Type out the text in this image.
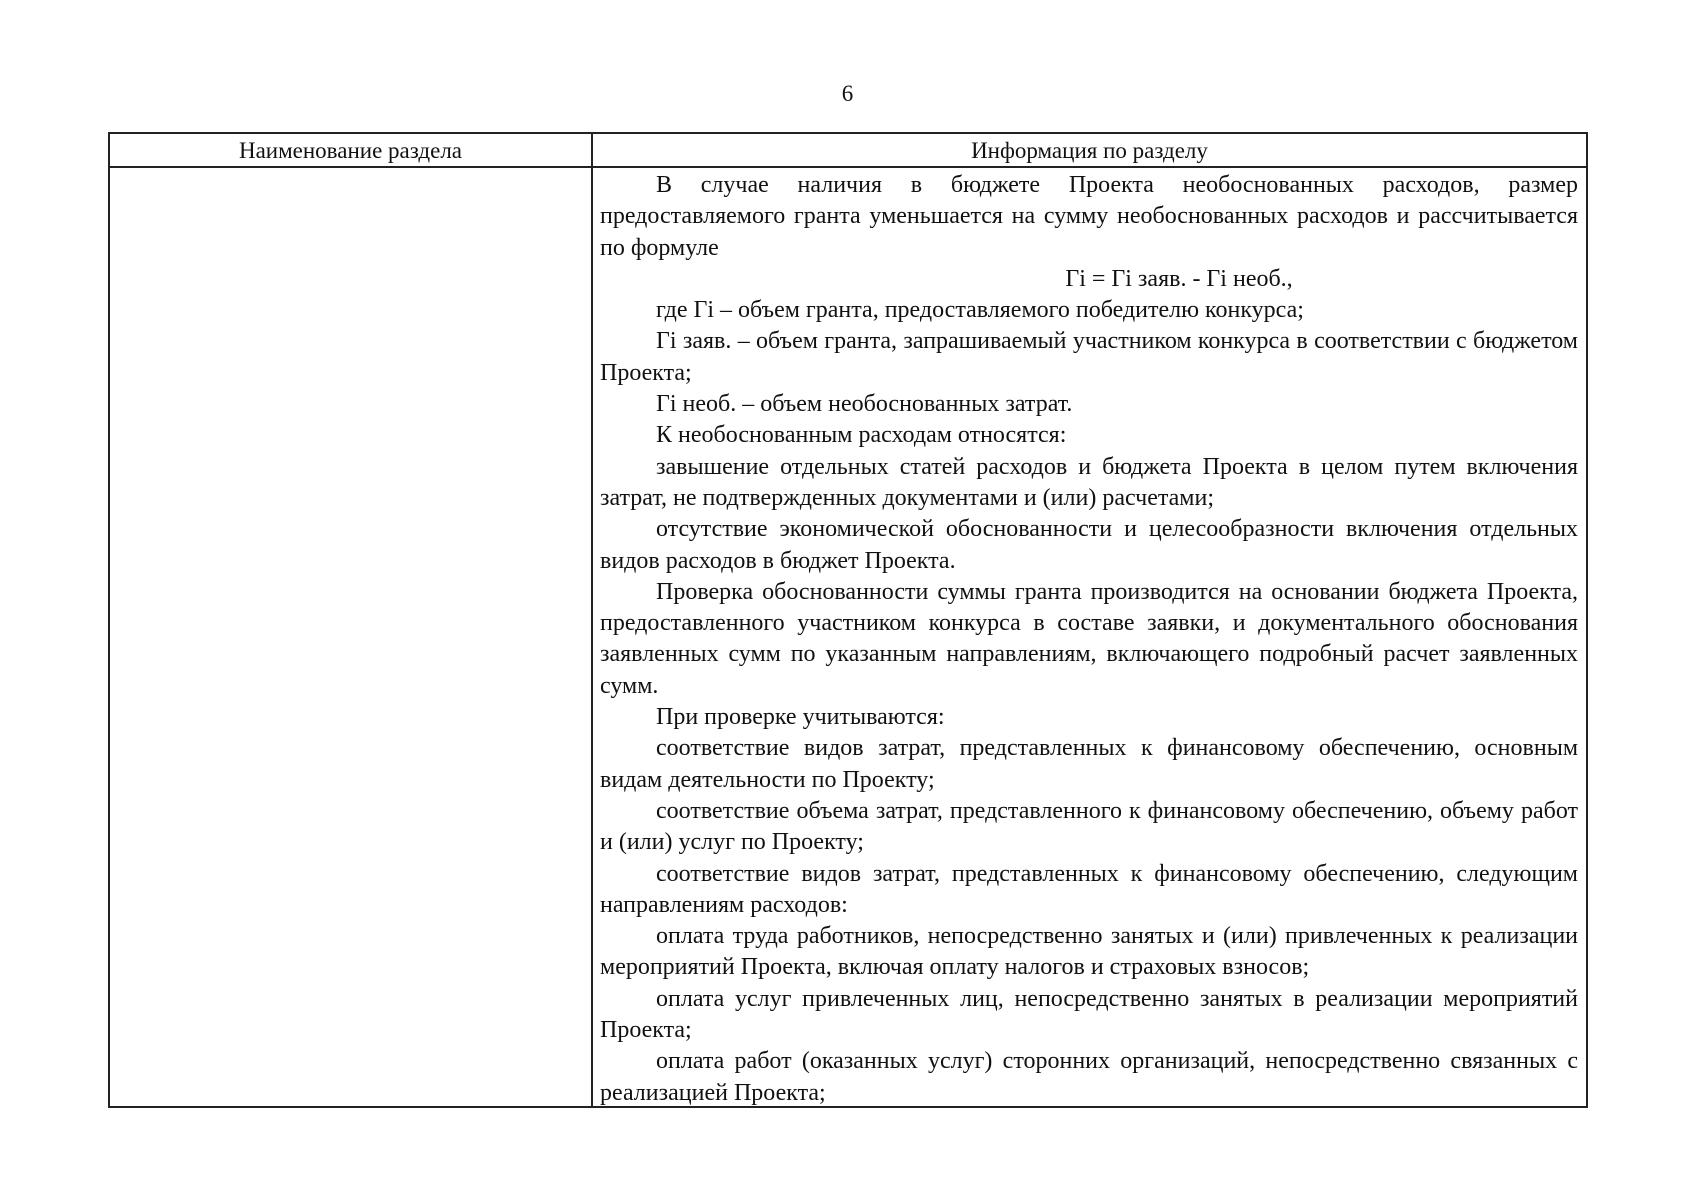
6
Наименование раздела	Информация по разделу

В случае наличия в бюджете Проекта необоснованных расходов, размер предоставляемого гранта уменьшается на сумму необоснованных расходов и рассчитывается по формуле

Гi = Гi заяв. - Гi необ.,

где Гi – объем гранта, предоставляемого победителю конкурса;

Гi заяв. – объем гранта, запрашиваемый участником конкурса в соответствии с бюджетом Проекта;

Гi необ. – объем необоснованных затрат.

К необоснованным расходам относятся:

завышение отдельных статей расходов и бюджета Проекта в целом путем включения затрат, не подтвержденных документами и (или) расчетами;

отсутствие экономической обоснованности и целесообразности включения отдельных видов расходов в бюджет Проекта.

Проверка обоснованности суммы гранта производится на основании бюджета Проекта, предоставленного участником конкурса в составе заявки, и документального обоснования заявленных сумм по указанным направлениям, включающего подробный расчет заявленных сумм.

При проверке учитываются:

соответствие видов затрат, представленных к финансовому обеспечению, основным видам деятельности по Проекту;

соответствие объема затрат, представленного к финансовому обеспечению, объему работ и (или) услуг по Проекту;

соответствие видов затрат, представленных к финансовому обеспечению, следующим направлениям расходов:

оплата труда работников, непосредственно занятых и (или) привлеченных к реализации мероприятий Проекта, включая оплату налогов и страховых взносов;

оплата услуг привлеченных лиц, непосредственно занятых в реализации мероприятий Проекта;

оплата работ (оказанных услуг) сторонних организаций, непосредственно связанных с реализацией Проекта;
